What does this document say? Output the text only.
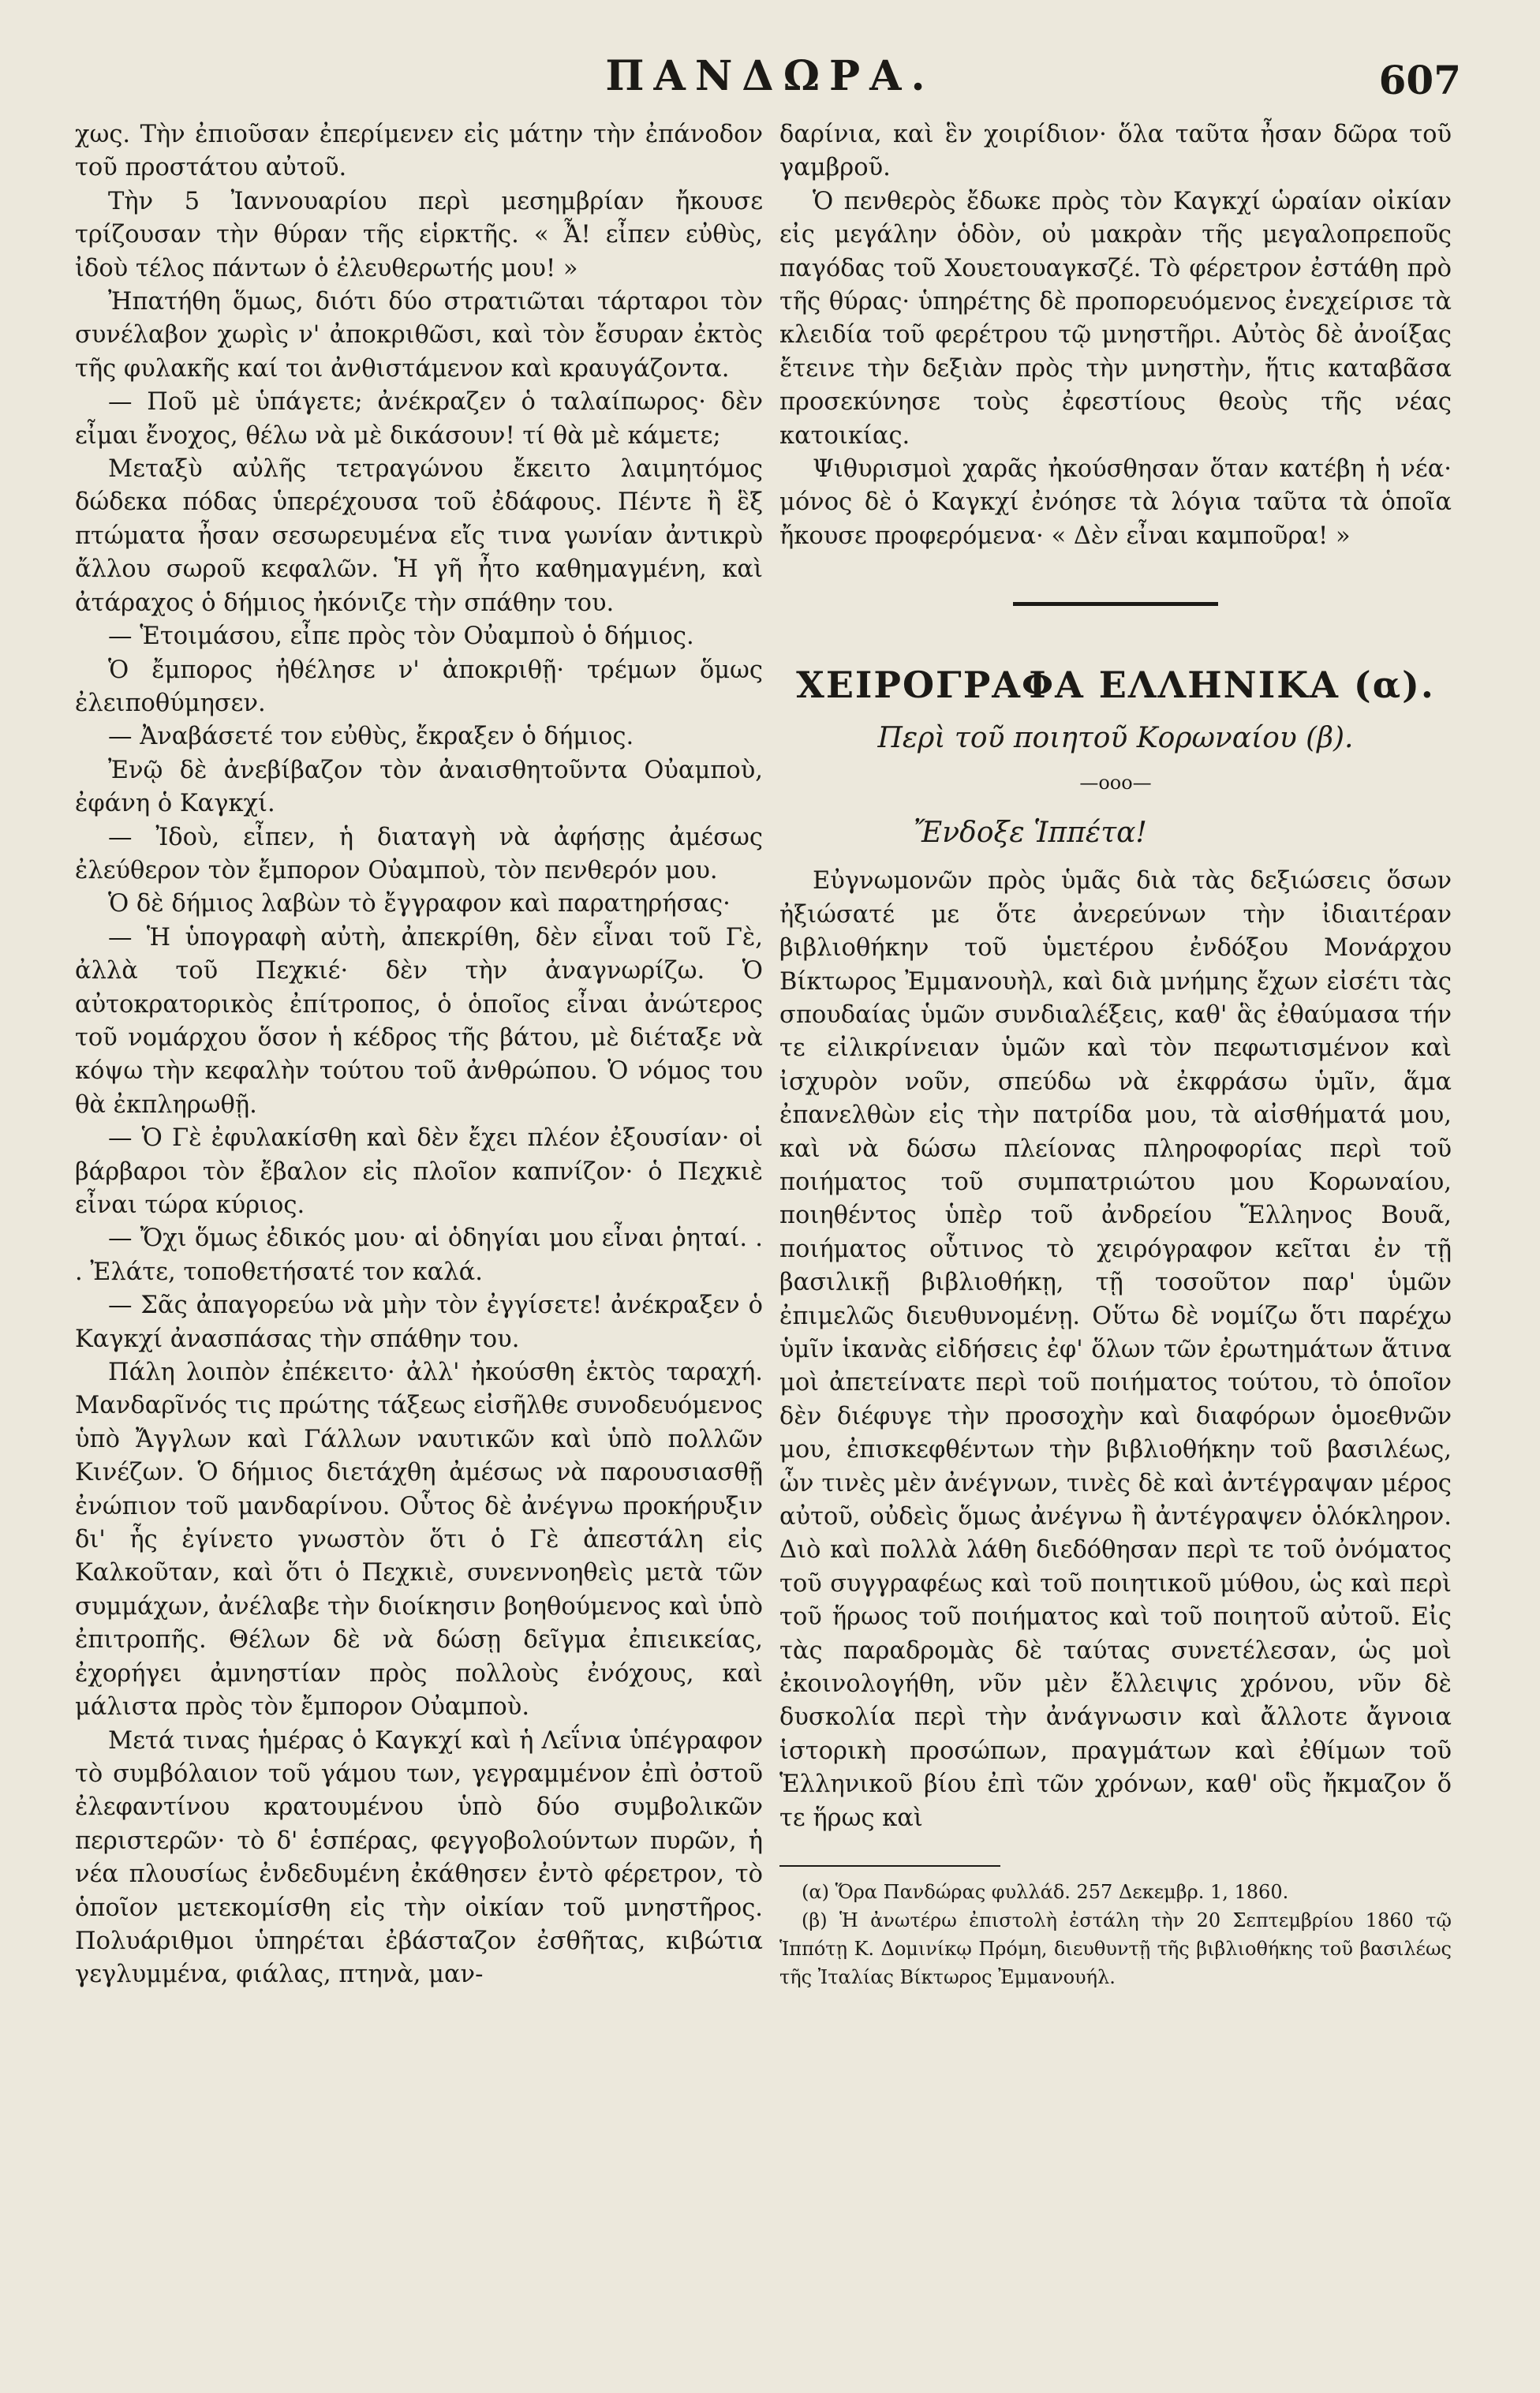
ΠΑΝΔΩΡΑ.	607

χως. Τὴν ἐπιοῦσαν ἐπερίμενεν εἰς μάτην τὴν ἐπάνοδον τοῦ προστάτου αὐτοῦ.

Τὴν 5 Ἰαννουαρίου περὶ μεσημβρίαν ἤκουσε τρίζουσαν τὴν θύραν τῆς εἱρκτῆς. « Ἆ! εἶπεν εὐθὺς, ἰδοὺ τέλος πάντων ὁ ἐλευθερωτής μου! »

Ἠπατήθη ὅμως, διότι δύο στρατιῶται τάρταροι τὸν συνέλαβον χωρὶς ν' ἀποκριθῶσι, καὶ τὸν ἔσυραν ἐκτὸς τῆς φυλακῆς καί τοι ἀνθιστάμενον καὶ κραυγάζοντα.

— Ποῦ μὲ ὑπάγετε; ἀνέκραζεν ὁ ταλαίπωρος· δὲν εἶμαι ἔνοχος, θέλω νὰ μὲ δικάσουν! τί θὰ μὲ κάμετε;

Μεταξὺ αὐλῆς τετραγώνου ἔκειτο λαιμητόμος δώδεκα πόδας ὑπερέχουσα τοῦ ἐδάφους. Πέντε ἢ ἓξ πτώματα ἦσαν σεσωρευμένα εἴς τινα γωνίαν ἀντικρὺ ἄλλου σωροῦ κεφαλῶν. Ἡ γῆ ἦτο καθημαγμένη, καὶ ἀτάραχος ὁ δήμιος ἠκόνιζε τὴν σπάθην του.

— Ἑτοιμάσου, εἶπε πρὸς τὸν Οὐαμποὺ ὁ δήμιος.

Ὁ ἔμπορος ἠθέλησε ν' ἀποκριθῇ· τρέμων ὅμως ἐλειποθύμησεν.

— Ἀναβάσετέ τον εὐθὺς, ἔκραξεν ὁ δήμιος.

Ἐνῷ δὲ ἀνεβίβαζον τὸν ἀναισθητοῦντα Οὐαμποὺ, ἐφάνη ὁ Καγκχί.

— Ἰδοὺ, εἶπεν, ἡ διαταγὴ νὰ ἀφήσῃς ἀμέσως ἐλεύθερον τὸν ἔμπορον Οὐαμποὺ, τὸν πενθερόν μου.

Ὁ δὲ δήμιος λαβὼν τὸ ἔγγραφον καὶ παρατηρήσας·

— Ἡ ὑπογραφὴ αὐτὴ, ἀπεκρίθη, δὲν εἶναι τοῦ Γὲ, ἀλλὰ τοῦ Πεχκιέ· δὲν τὴν ἀναγνωρίζω. Ὁ αὐτοκρατορικὸς ἐπίτροπος, ὁ ὁποῖος εἶναι ἀνώτερος τοῦ νομάρχου ὅσον ἡ κέδρος τῆς βάτου, μὲ διέταξε νὰ κόψω τὴν κεφαλὴν τούτου τοῦ ἀνθρώπου. Ὁ νόμος του θὰ ἐκπληρωθῇ.

— Ὁ Γὲ ἐφυλακίσθη καὶ δὲν ἔχει πλέον ἐξουσίαν· οἱ βάρβαροι τὸν ἔβαλον εἰς πλοῖον καπνίζον· ὁ Πεχκιὲ εἶναι τώρα κύριος.

— Ὄχι ὅμως ἐδικός μου· αἱ ὁδηγίαι μου εἶναι ῥηταί. . . Ἐλάτε, τοποθετήσατέ τον καλά.

— Σᾶς ἀπαγορεύω νὰ μὴν τὸν ἐγγίσετε! ἀνέκραξεν ὁ Καγκχί ἀνασπάσας τὴν σπάθην του.

Πάλη λοιπὸν ἐπέκειτο· ἀλλ' ἠκούσθη ἐκτὸς ταραχή. Μανδαρῖνός τις πρώτης τάξεως εἰσῆλθε συνοδευόμενος ὑπὸ Ἄγγλων καὶ Γάλλων ναυτικῶν καὶ ὑπὸ πολλῶν Κινέζων. Ὁ δήμιος διετάχθη ἀμέσως νὰ παρουσιασθῇ ἐνώπιον τοῦ μανδαρίνου. Οὗτος δὲ ἀνέγνω προκήρυξιν δι' ἧς ἐγίνετο γνωστὸν ὅτι ὁ Γὲ ἀπεστάλη εἰς Καλκοῦταν, καὶ ὅτι ὁ Πεχκιὲ, συνεννοηθεὶς μετὰ τῶν συμμάχων, ἀνέλαβε τὴν διοίκησιν βοηθούμενος καὶ ὑπὸ ἐπιτροπῆς. Θέλων δὲ νὰ δώσῃ δεῖγμα ἐπιεικείας, ἐχορήγει ἀμνηστίαν πρὸς πολλοὺς ἐνόχους, καὶ μάλιστα πρὸς τὸν ἔμπορον Οὐαμποὺ.

Μετά τινας ἡμέρας ὁ Καγκχί καὶ ἡ Λεΐνια ὑπέγραφον τὸ συμβόλαιον τοῦ γάμου των, γεγραμμένον ἐπὶ ὀστοῦ ἐλεφαντίνου κρατουμένου ὑπὸ δύο συμβολικῶν περιστερῶν· τὸ δ' ἑσπέρας, φεγγοβολούντων πυρῶν, ἡ νέα πλουσίως ἐνδεδυμένη ἐκάθησεν ἐντὸ φέρετρον, τὸ ὁποῖον μετεκομίσθη εἰς τὴν οἰκίαν τοῦ μνηστῆρος. Πολυάριθμοι ὑπηρέται ἐβάσταζον ἐσθῆτας, κιβώτια γεγλυμμένα, φιάλας, πτηνὰ, μαν-

δαρίνια, καὶ ἓν χοιρίδιον· ὅλα ταῦτα ἦσαν δῶρα τοῦ γαμβροῦ.

Ὁ πενθερὸς ἔδωκε πρὸς τὸν Καγκχί ὡραίαν οἰκίαν εἰς μεγάλην ὁδὸν, οὐ μακρὰν τῆς μεγαλοπρεποῦς παγόδας τοῦ Χουετουαγκσζέ. Τὸ φέρετρον ἐστάθη πρὸ τῆς θύρας· ὑπηρέτης δὲ προπορευόμενος ἐνεχείρισε τὰ κλειδία τοῦ φερέτρου τῷ μνηστῆρι. Αὐτὸς δὲ ἀνοίξας ἔτεινε τὴν δεξιὰν πρὸς τὴν μνηστὴν, ἥτις καταβᾶσα προσεκύνησε τοὺς ἐφεστίους θεοὺς τῆς νέας κατοικίας.

Ψιθυρισμοὶ χαρᾶς ἠκούσθησαν ὅταν κατέβη ἡ νέα· μόνος δὲ ὁ Καγκχί ἐνόησε τὰ λόγια ταῦτα τὰ ὁποῖα ἤκουσε προφερόμενα· « Δὲν εἶναι καμποῦρα! »

ΧΕΙΡΟΓΡΑΦΑ ΕΛΛΗΝΙΚΑ (α).
Περὶ τοῦ ποιητοῦ Κορωναίου (β).
—ooo—
Ἔνδοξε Ἱππέτα!

Εὐγνωμονῶν πρὸς ὑμᾶς διὰ τὰς δεξιώσεις ὅσων ἠξιώσατέ με ὅτε ἀνερεύνων τὴν ἰδιαιτέραν βιβλιοθήκην τοῦ ὑμετέρου ἐνδόξου Μονάρχου Βίκτωρος Ἐμμανουὴλ, καὶ διὰ μνήμης ἔχων εἰσέτι τὰς σπουδαίας ὑμῶν συνδιαλέξεις, καθ' ἃς ἐθαύμασα τήν τε εἰλικρίνειαν ὑμῶν καὶ τὸν πεφωτισμένον καὶ ἰσχυρὸν νοῦν, σπεύδω νὰ ἐκφράσω ὑμῖν, ἅμα ἐπανελθὼν εἰς τὴν πατρίδα μου, τὰ αἰσθήματά μου, καὶ νὰ δώσω πλείονας πληροφορίας περὶ τοῦ ποιήματος τοῦ συμπατριώτου μου Κορωναίου, ποιηθέντος ὑπὲρ τοῦ ἀνδρείου Ἕλληνος Βουᾶ, ποιήματος οὗτινος τὸ χειρόγραφον κεῖται ἐν τῇ βασιλικῇ βιβλιοθήκῃ, τῇ τοσοῦτον παρ' ὑμῶν ἐπιμελῶς διευθυνομένῃ. Οὕτω δὲ νομίζω ὅτι παρέχω ὑμῖν ἱκανὰς εἰδήσεις ἐφ' ὅλων τῶν ἐρωτημάτων ἅτινα μοὶ ἀπετείνατε περὶ τοῦ ποιήματος τούτου, τὸ ὁποῖον δὲν διέφυγε τὴν προσοχὴν καὶ διαφόρων ὁμοεθνῶν μου, ἐπισκεφθέντων τὴν βιβλιοθήκην τοῦ βασιλέως, ὧν τινὲς μὲν ἀνέγνων, τινὲς δὲ καὶ ἀντέγραψαν μέρος αὐτοῦ, οὐδεὶς ὅμως ἀνέγνω ἢ ἀντέγραψεν ὁλόκληρον. Διὸ καὶ πολλὰ λάθη διεδόθησαν περὶ τε τοῦ ὀνόματος τοῦ συγγραφέως καὶ τοῦ ποιητικοῦ μύθου, ὡς καὶ περὶ τοῦ ἥρωος τοῦ ποιήματος καὶ τοῦ ποιητοῦ αὐτοῦ. Εἰς τὰς παραδρομὰς δὲ ταύτας συνετέλεσαν, ὡς μοὶ ἐκοινολογήθη, νῦν μὲν ἔλλειψις χρόνου, νῦν δὲ δυσκολία περὶ τὴν ἀνάγνωσιν καὶ ἄλλοτε ἄγνοια ἱστορικὴ προσώπων, πραγμάτων καὶ ἐθίμων τοῦ Ἑλληνικοῦ βίου ἐπὶ τῶν χρόνων, καθ' οὓς ἤκμαζον ὅ τε ἥρως καὶ

(α) Ὅρα Πανδώρας φυλλάδ. 257 Δεκεμβρ. 1, 1860.
(β) Ἡ ἀνωτέρω ἐπιστολὴ ἐστάλη τὴν 20 Σεπτεμβρίου 1860 τῷ Ἱππότῃ Κ. Δομινίκῳ Πρόμη, διευθυντῇ τῆς βιβλιοθήκης τοῦ βασιλέως τῆς Ἰταλίας Βίκτωρος Ἐμμανουήλ.
